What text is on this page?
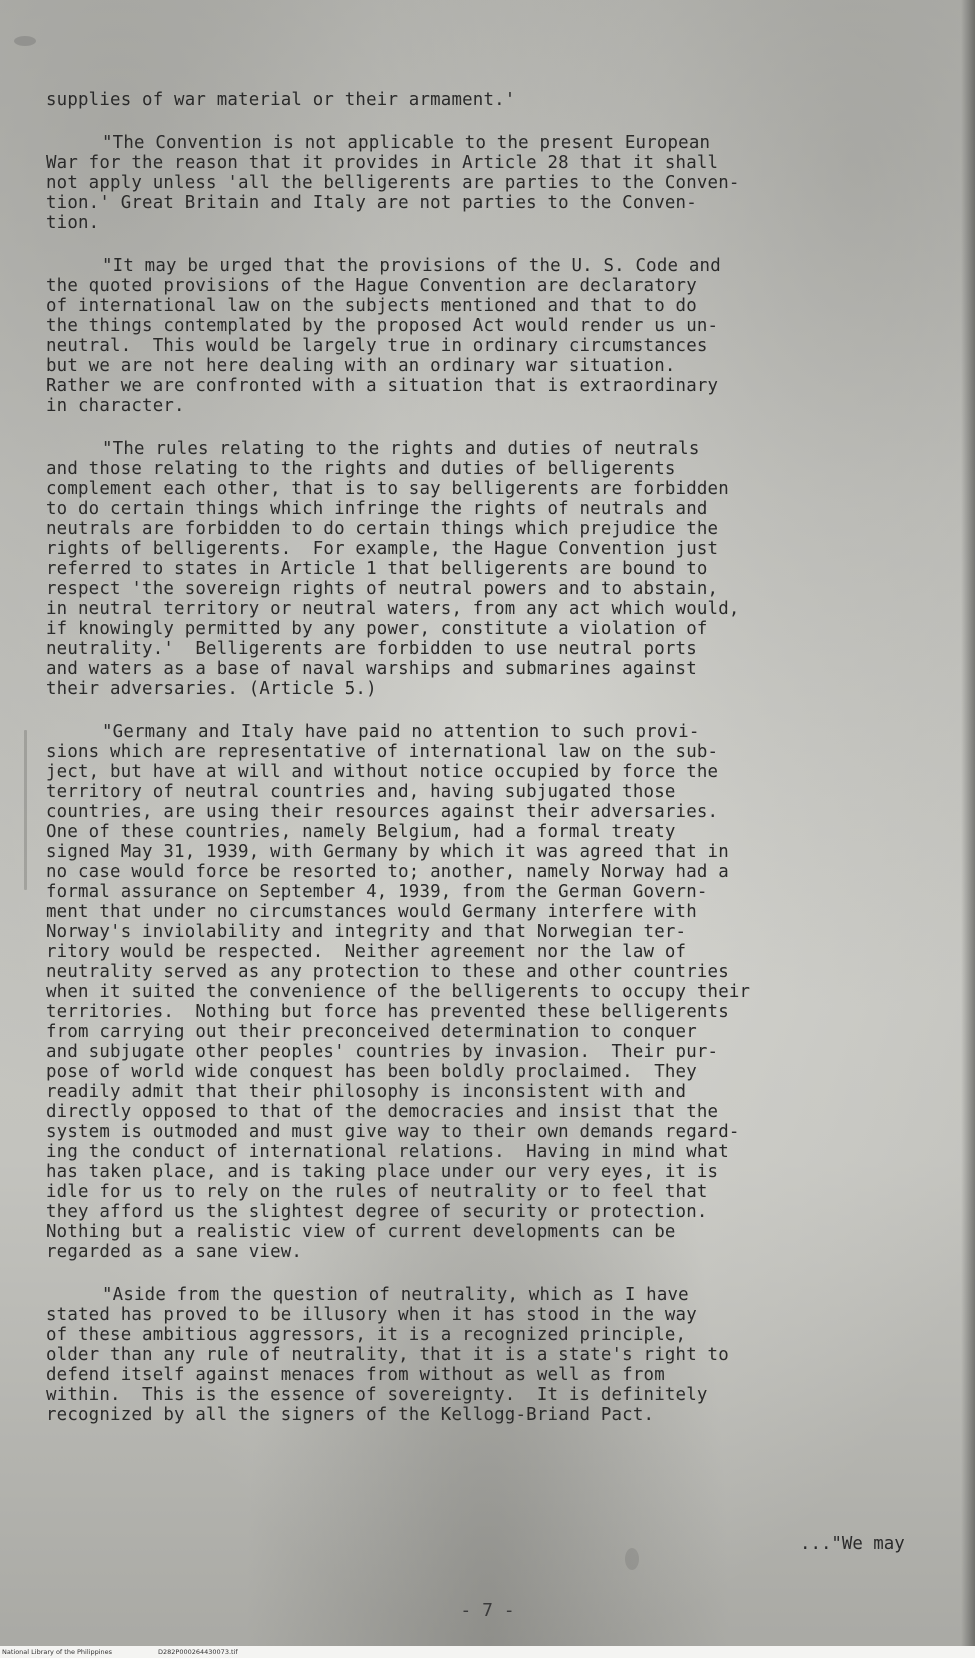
supplies of war material or their armament.'

"The Convention is not applicable to the present European

War for the reason that it provides in Article 28 that it shall

not apply unless 'all the belligerents are parties to the Conven-

tion.' Great Britain and Italy are not parties to the Conven-

tion.

"It may be urged that the provisions of the U. S. Code and

the quoted provisions of the Hague Convention are declaratory

of international law on the subjects mentioned and that to do

the things contemplated by the proposed Act would render us un-

neutral.  This would be largely true in ordinary circumstances

but we are not here dealing with an ordinary war situation.

Rather we are confronted with a situation that is extraordinary

in character.

"The rules relating to the rights and duties of neutrals

and those relating to the rights and duties of belligerents

complement each other, that is to say belligerents are forbidden

to do certain things which infringe the rights of neutrals and

neutrals are forbidden to do certain things which prejudice the

rights of belligerents.  For example, the Hague Convention just

referred to states in Article 1 that belligerents are bound to

respect 'the sovereign rights of neutral powers and to abstain,

in neutral territory or neutral waters, from any act which would,

if knowingly permitted by any power, constitute a violation of

neutrality.'  Belligerents are forbidden to use neutral ports

and waters as a base of naval warships and submarines against

their adversaries. (Article 5.)

"Germany and Italy have paid no attention to such provi-

sions which are representative of international law on the sub-

ject, but have at will and without notice occupied by force the

territory of neutral countries and, having subjugated those

countries, are using their resources against their adversaries.

One of these countries, namely Belgium, had a formal treaty

signed May 31, 1939, with Germany by which it was agreed that in

no case would force be resorted to; another, namely Norway had a

formal assurance on September 4, 1939, from the German Govern-

ment that under no circumstances would Germany interfere with

Norway's inviolability and integrity and that Norwegian ter-

ritory would be respected.  Neither agreement nor the law of

neutrality served as any protection to these and other countries

when it suited the convenience of the belligerents to occupy their

territories.  Nothing but force has prevented these belligerents

from carrying out their preconceived determination to conquer

and subjugate other peoples' countries by invasion.  Their pur-

pose of world wide conquest has been boldly proclaimed.  They

readily admit that their philosophy is inconsistent with and

directly opposed to that of the democracies and insist that the

system is outmoded and must give way to their own demands regard-

ing the conduct of international relations.  Having in mind what

has taken place, and is taking place under our very eyes, it is

idle for us to rely on the rules of neutrality or to feel that

they afford us the slightest degree of security or protection.

Nothing but a realistic view of current developments can be

regarded as a sane view.

"Aside from the question of neutrality, which as I have

stated has proved to be illusory when it has stood in the way

of these ambitious aggressors, it is a recognized principle,

older than any rule of neutrality, that it is a state's right to

defend itself against menaces from without as well as from

within.  This is the essence of sovereignty.  It is definitely

recognized by all the signers of the Kellogg-Briand Pact.

..."We may
- 7 -

National Library of the Philippines

	D282P000264430073.tif
